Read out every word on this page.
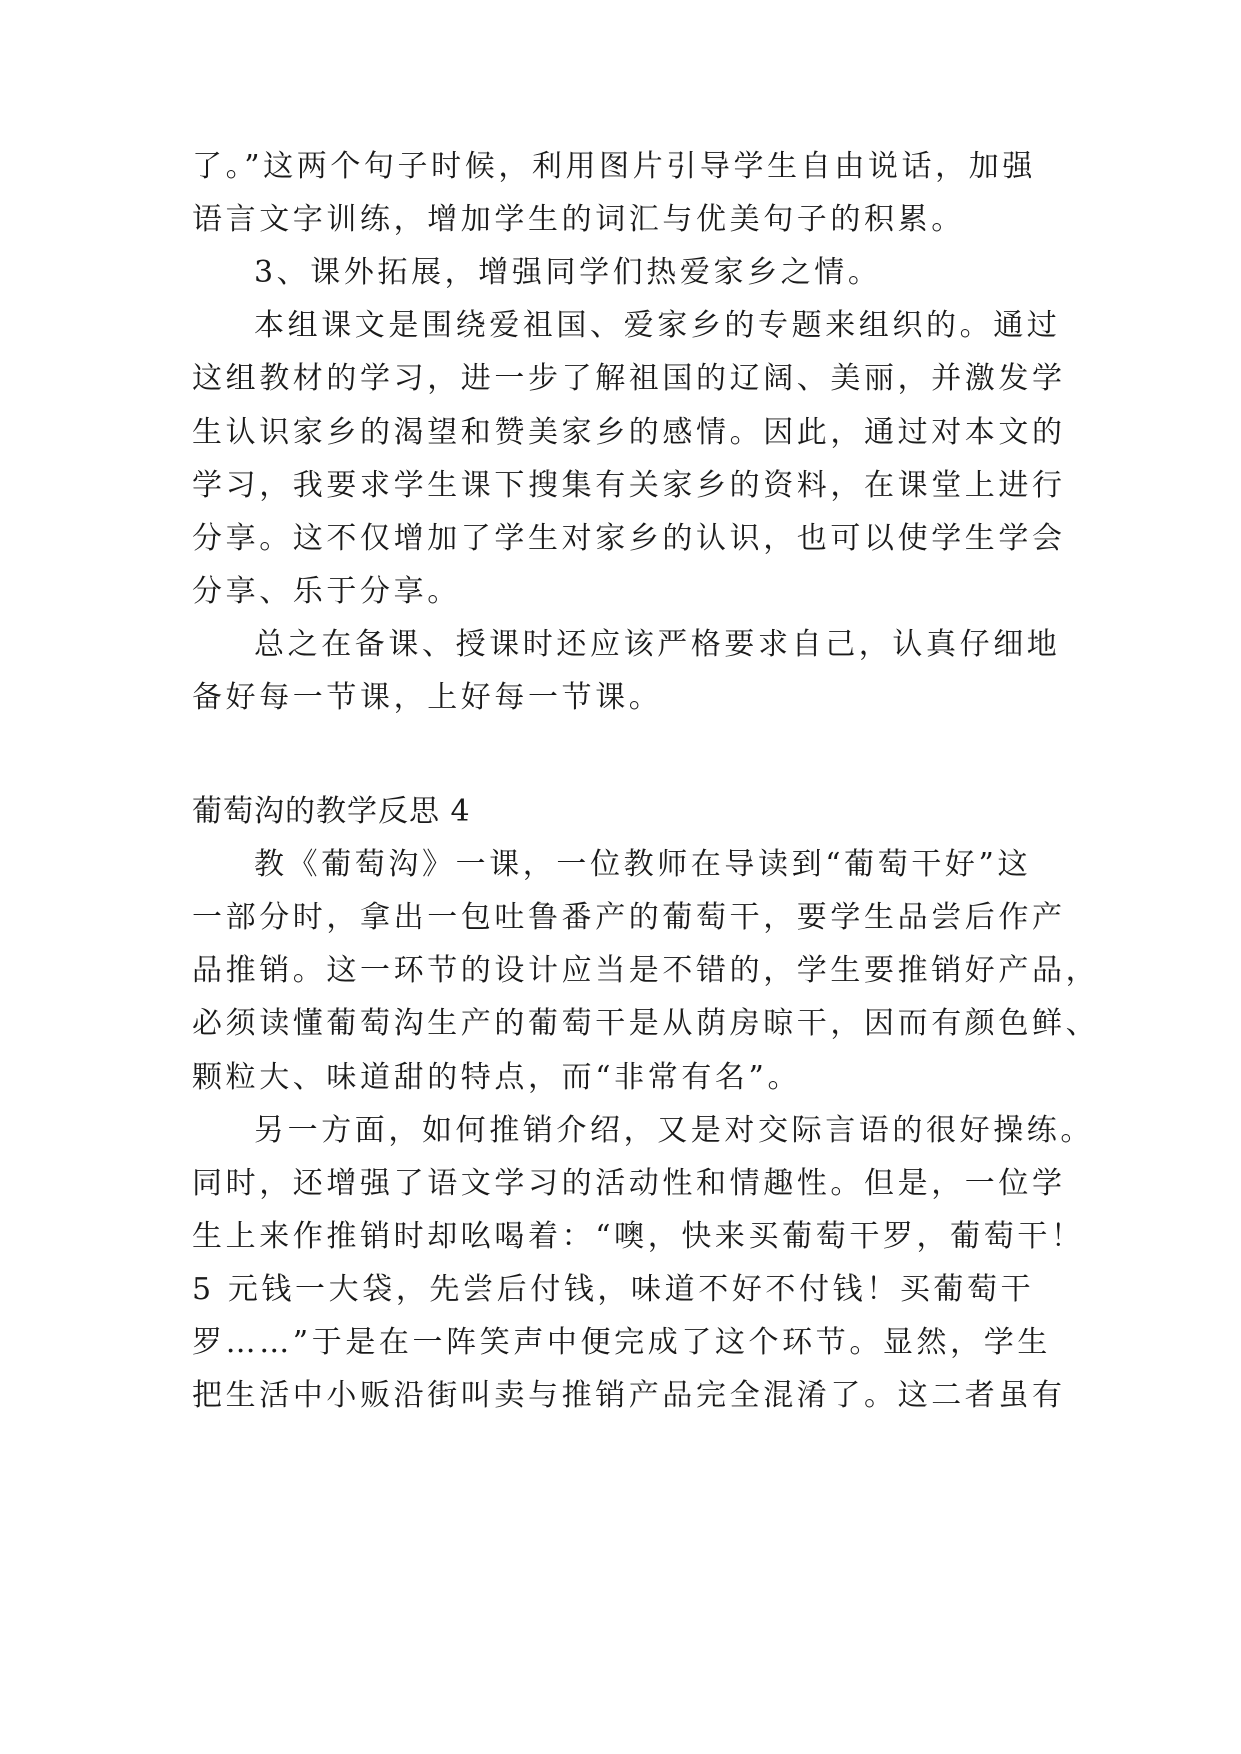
了。”这两个句子时候，利用图片引导学生自由说话，加强
语言文字训练，增加学生的词汇与优美句子的积累。
3、课外拓展，增强同学们热爱家乡之情。
本组课文是围绕爱祖国、爱家乡的专题来组织的。通过
这组教材的学习，进一步了解祖国的辽阔、美丽，并激发学
生认识家乡的渴望和赞美家乡的感情。因此，通过对本文的
学习，我要求学生课下搜集有关家乡的资料，在课堂上进行
分享。这不仅增加了学生对家乡的认识，也可以使学生学会
分享、乐于分享。
总之在备课、授课时还应该严格要求自己，认真仔细地
备好每一节课，上好每一节课。
葡萄沟的教学反思 4
教《葡萄沟》一课，一位教师在导读到“葡萄干好”这
一部分时，拿出一包吐鲁番产的葡萄干，要学生品尝后作产
品推销。这一环节的设计应当是不错的，学生要推销好产品，
必须读懂葡萄沟生产的葡萄干是从荫房晾干，因而有颜色鲜、
颗粒大、味道甜的特点，而“非常有名”。
另一方面，如何推销介绍，又是对交际言语的很好操练。
同时，还增强了语文学习的活动性和情趣性。但是，一位学
生上来作推销时却吆喝着：“噢，快来买葡萄干罗，葡萄干！
5 元钱一大袋，先尝后付钱，味道不好不付钱！买葡萄干
罗……”于是在一阵笑声中便完成了这个环节。显然，学生
把生活中小贩沿街叫卖与推销产品完全混淆了。这二者虽有
